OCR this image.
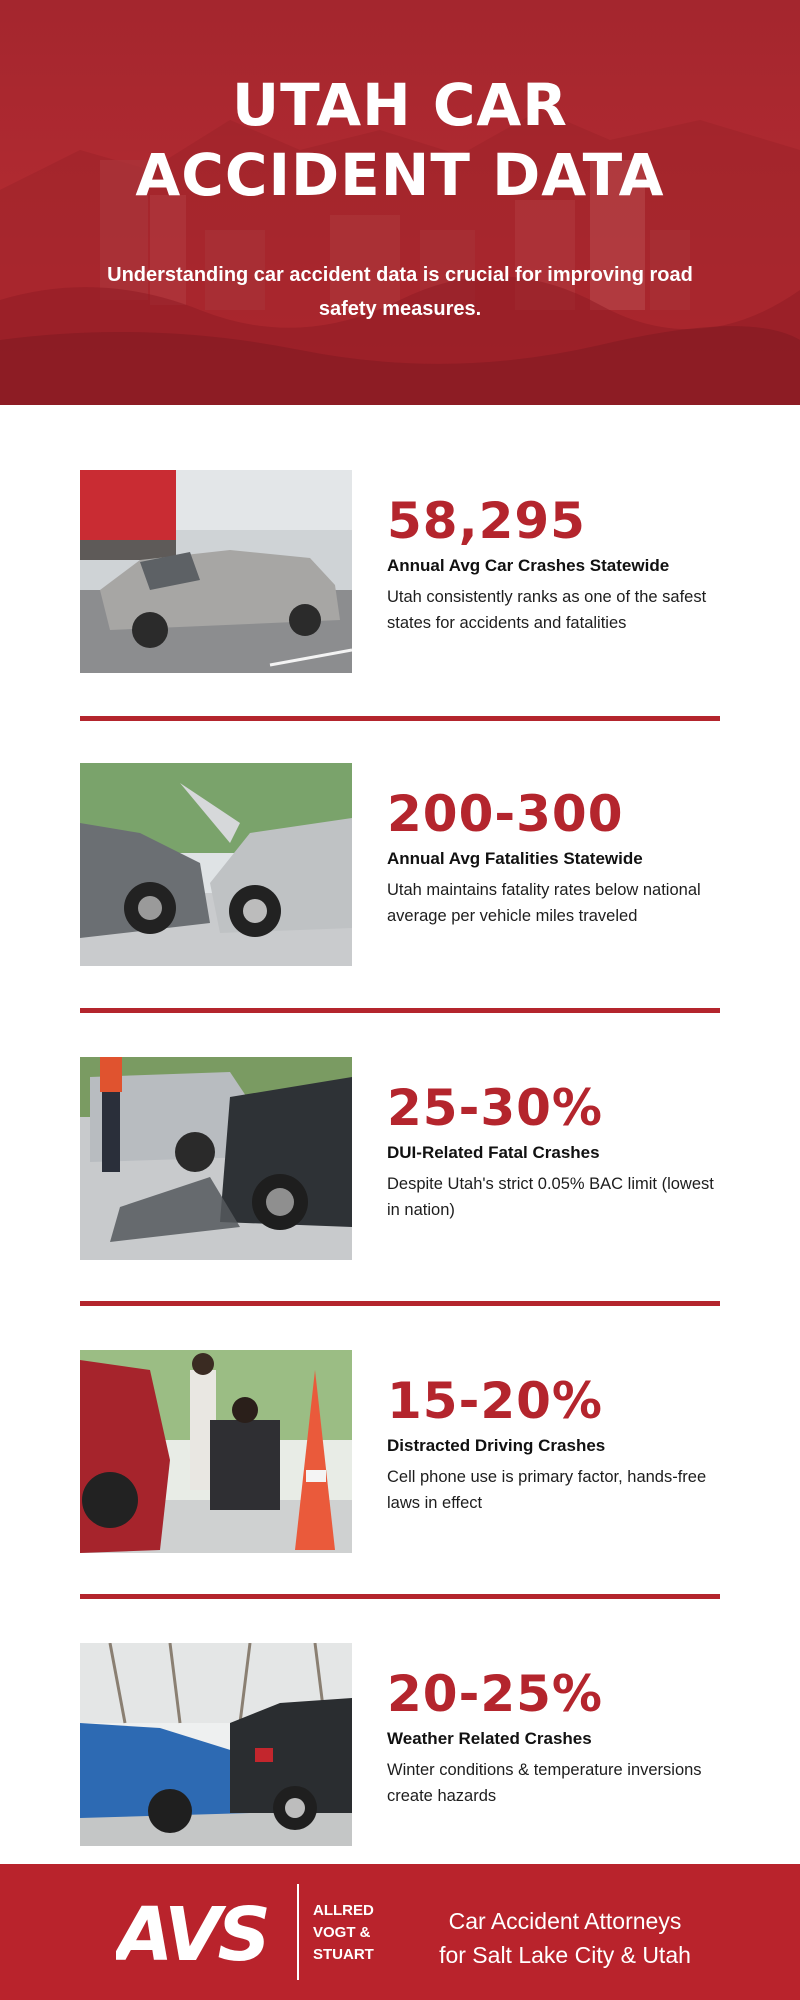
UTAH CAR
ACCIDENT DATA

Understanding car accident data is crucial for improving road safety measures.

58,295
Annual Avg Car Crashes Statewide
Utah consistently ranks as one of the safest states for accidents and fatalities
200-300
Annual Avg Fatalities Statewide
Utah maintains fatality rates below national average per vehicle miles traveled
25-30%
DUI-Related Fatal Crashes
Despite Utah's strict 0.05% BAC limit (lowest in nation)
15-20%
Distracted Driving Crashes
Cell phone use is primary factor, hands-free laws in effect
20-25%
Weather Related Crashes
Winter conditions & temperature inversions create hazards
AVS	ALLRED
VOGT &
STUART
Car Accident Attorneys
for Salt Lake City & Utah
